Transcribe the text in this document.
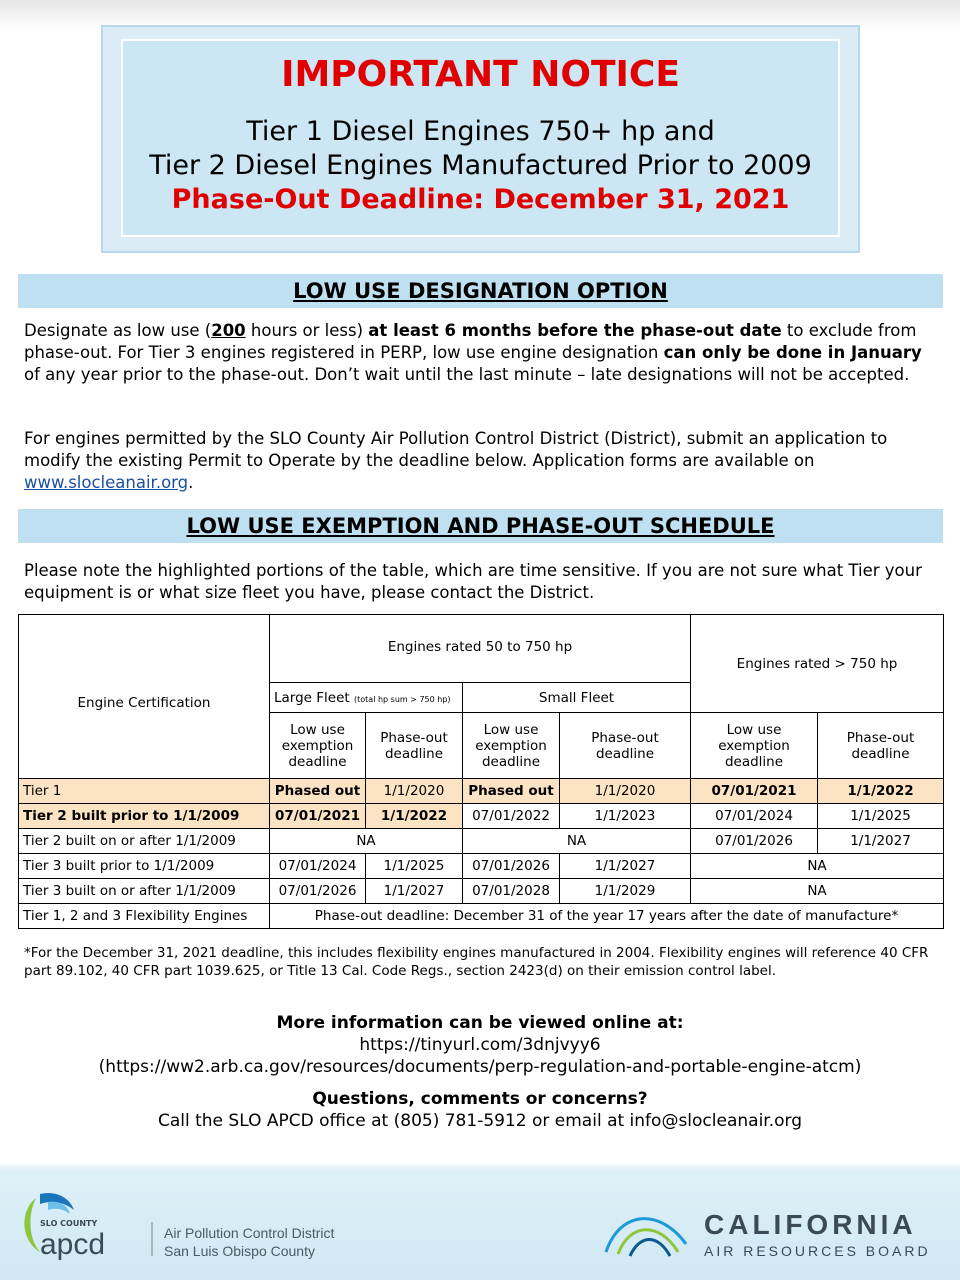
IMPORTANT NOTICE
Tier 1 Diesel Engines 750+ hp and
Tier 2 Diesel Engines Manufactured Prior to 2009
Phase-Out Deadline: December 31, 2021
LOW USE DESIGNATION OPTION
Designate as low use (200 hours or less) at least 6 months before the phase-out date to exclude from phase-out. For Tier 3 engines registered in PERP, low use engine designation can only be done in January of any year prior to the phase-out. Don’t wait until the last minute – late designations will not be accepted.
For engines permitted by the SLO County Air Pollution Control District (District), submit an application to modify the existing Permit to Operate by the deadline below. Application forms are available on www.slocleanair.org.
LOW USE EXEMPTION AND PHASE-OUT SCHEDULE
Please note the highlighted portions of the table, which are time sensitive. If you are not sure what Tier your equipment is or what size fleet you have, please contact the District.
Engine Certification	Engines rated 50 to 750 hp				Engines rated > 750 hp	
	Large Fleet (total hp sum > 750 hp)		Small Fleet			
	Low use exemption deadline	Phase-out deadline	Low use exemption deadline	Phase-out deadline	Low use exemption deadline	Phase-out deadline
Tier 1	Phased out	1/1/2020	Phased out	1/1/2020	07/01/2021	1/1/2022
Tier 2 built prior to 1/1/2009	07/01/2021	1/1/2022	07/01/2022	1/1/2023	07/01/2024	1/1/2025
Tier 2 built on or after 1/1/2009	NA		NA		07/01/2026	1/1/2027
Tier 3 built prior to 1/1/2009	07/01/2024	1/1/2025	07/01/2026	1/1/2027	NA	
Tier 3 built on or after 1/1/2009	07/01/2026	1/1/2027	07/01/2028	1/1/2029	NA	
Tier 1, 2 and 3 Flexibility Engines	Phase-out deadline: December 31 of the year 17 years after the date of manufacture*					
*For the December 31, 2021 deadline, this includes flexibility engines manufactured in 2004. Flexibility engines will reference 40 CFR part 89.102, 40 CFR part 1039.625, or Title 13 Cal. Code Regs., section 2423(d) on their emission control label.
More information can be viewed online at:
https://tinyurl.com/3dnjvyy6
(https://ww2.arb.ca.gov/resources/documents/perp-regulation-and-portable-engine-atcm)
Questions, comments or concerns?
Call the SLO APCD office at (805) 781-5912 or email at info@slocleanair.org
SLO COUNTY
apcd	Air Pollution Control District
San Luis Obispo County
CALIFORNIA
AIR RESOURCES BOARD
